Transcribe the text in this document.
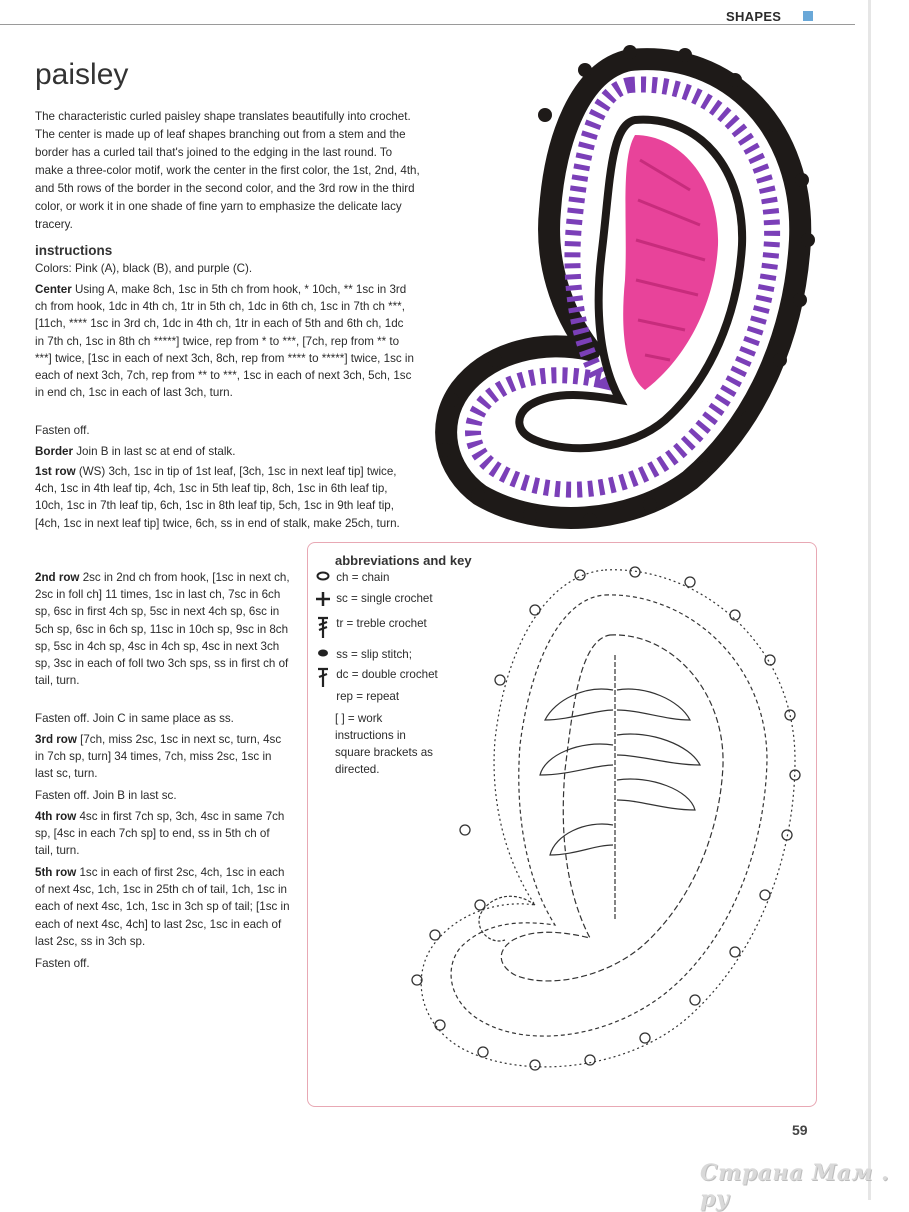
SHAPES
paisley

The characteristic curled paisley shape translates beautifully into crochet. The center is made up of leaf shapes branching out from a stem and the border has a curled tail that's joined to the edging in the last round. To make a three-color motif, work the center in the first color, the 1st, 2nd, 4th, and 5th rows of the border in the second color, and the 3rd row in the third color, or work it in one shade of fine yarn to emphasize the delicate lacy tracery.

instructions

Colors: Pink (A), black (B), and purple (C).

Center Using A, make 8ch, 1sc in 5th ch from hook, * 10ch, ** 1sc in 3rd ch from hook, 1dc in 4th ch, 1tr in 5th ch, 1dc in 6th ch, 1sc in 7th ch ***, [11ch, **** 1sc in 3rd ch, 1dc in 4th ch, 1tr in each of 5th and 6th ch, 1dc in 7th ch, 1sc in 8th ch *****] twice, rep from * to ***, [7ch, rep from ** to ***] twice, [1sc in each of next 3ch, 8ch, rep from **** to *****] twice, 1sc in each of next 3ch, 7ch, rep from ** to ***, 1sc in each of next 3ch, 5ch, 1sc in end ch, 1sc in each of last 3ch, turn.

Fasten off.

Border Join B in last sc at end of stalk.

1st row (WS) 3ch, 1sc in tip of 1st leaf, [3ch, 1sc in next leaf tip] twice, 4ch, 1sc in 4th leaf tip, 4ch, 1sc in 5th leaf tip, 8ch, 1sc in 6th leaf tip, 10ch, 1sc in 7th leaf tip, 6ch, 1sc in 8th leaf tip, 5ch, 1sc in 9th leaf tip, [4ch, 1sc in next leaf tip] twice, 6ch, ss in end of stalk, make 25ch, turn.

2nd row 2sc in 2nd ch from hook, [1sc in next ch, 2sc in foll ch] 11 times, 1sc in last ch, 7sc in 6ch sp, 6sc in first 4ch sp, 5sc in next 4ch sp, 6sc in 5ch sp, 6sc in 6ch sp, 11sc in 10ch sp, 9sc in 8ch sp, 5sc in 4ch sp, 4sc in 4ch sp, 4sc in next 3ch sp, 3sc in each of foll two 3ch sps, ss in first ch of tail, turn.

Fasten off. Join C in same place as ss.

3rd row [7ch, miss 2sc, 1sc in next sc, turn, 4sc in 7ch sp, turn] 34 times, 7ch, miss 2sc, 1sc in last sc, turn.

Fasten off. Join B in last sc.

4th row 4sc in first 7ch sp, 3ch, 4sc in same 7ch sp, [4sc in each 7ch sp] to end, ss in 5th ch of tail, turn.

5th row 1sc in each of first 2sc, 4ch, 1sc in each of next 4sc, 1ch, 1sc in 25th ch of tail, 1ch, 1sc in each of next 4sc, 1ch, 1sc in 3ch sp of tail; [1sc in each of next 4sc, 4ch] to last 2sc, 1sc in each of last 2sc, ss in 3ch sp.

Fasten off.

abbreviations and key
ch = chain
sc = single crochet
tr = treble crochet
ss = slip stitch;
dc = double crochet
rep = repeat
[ ] = work instructions in square brackets as directed.
59
Страна Мам . ру
